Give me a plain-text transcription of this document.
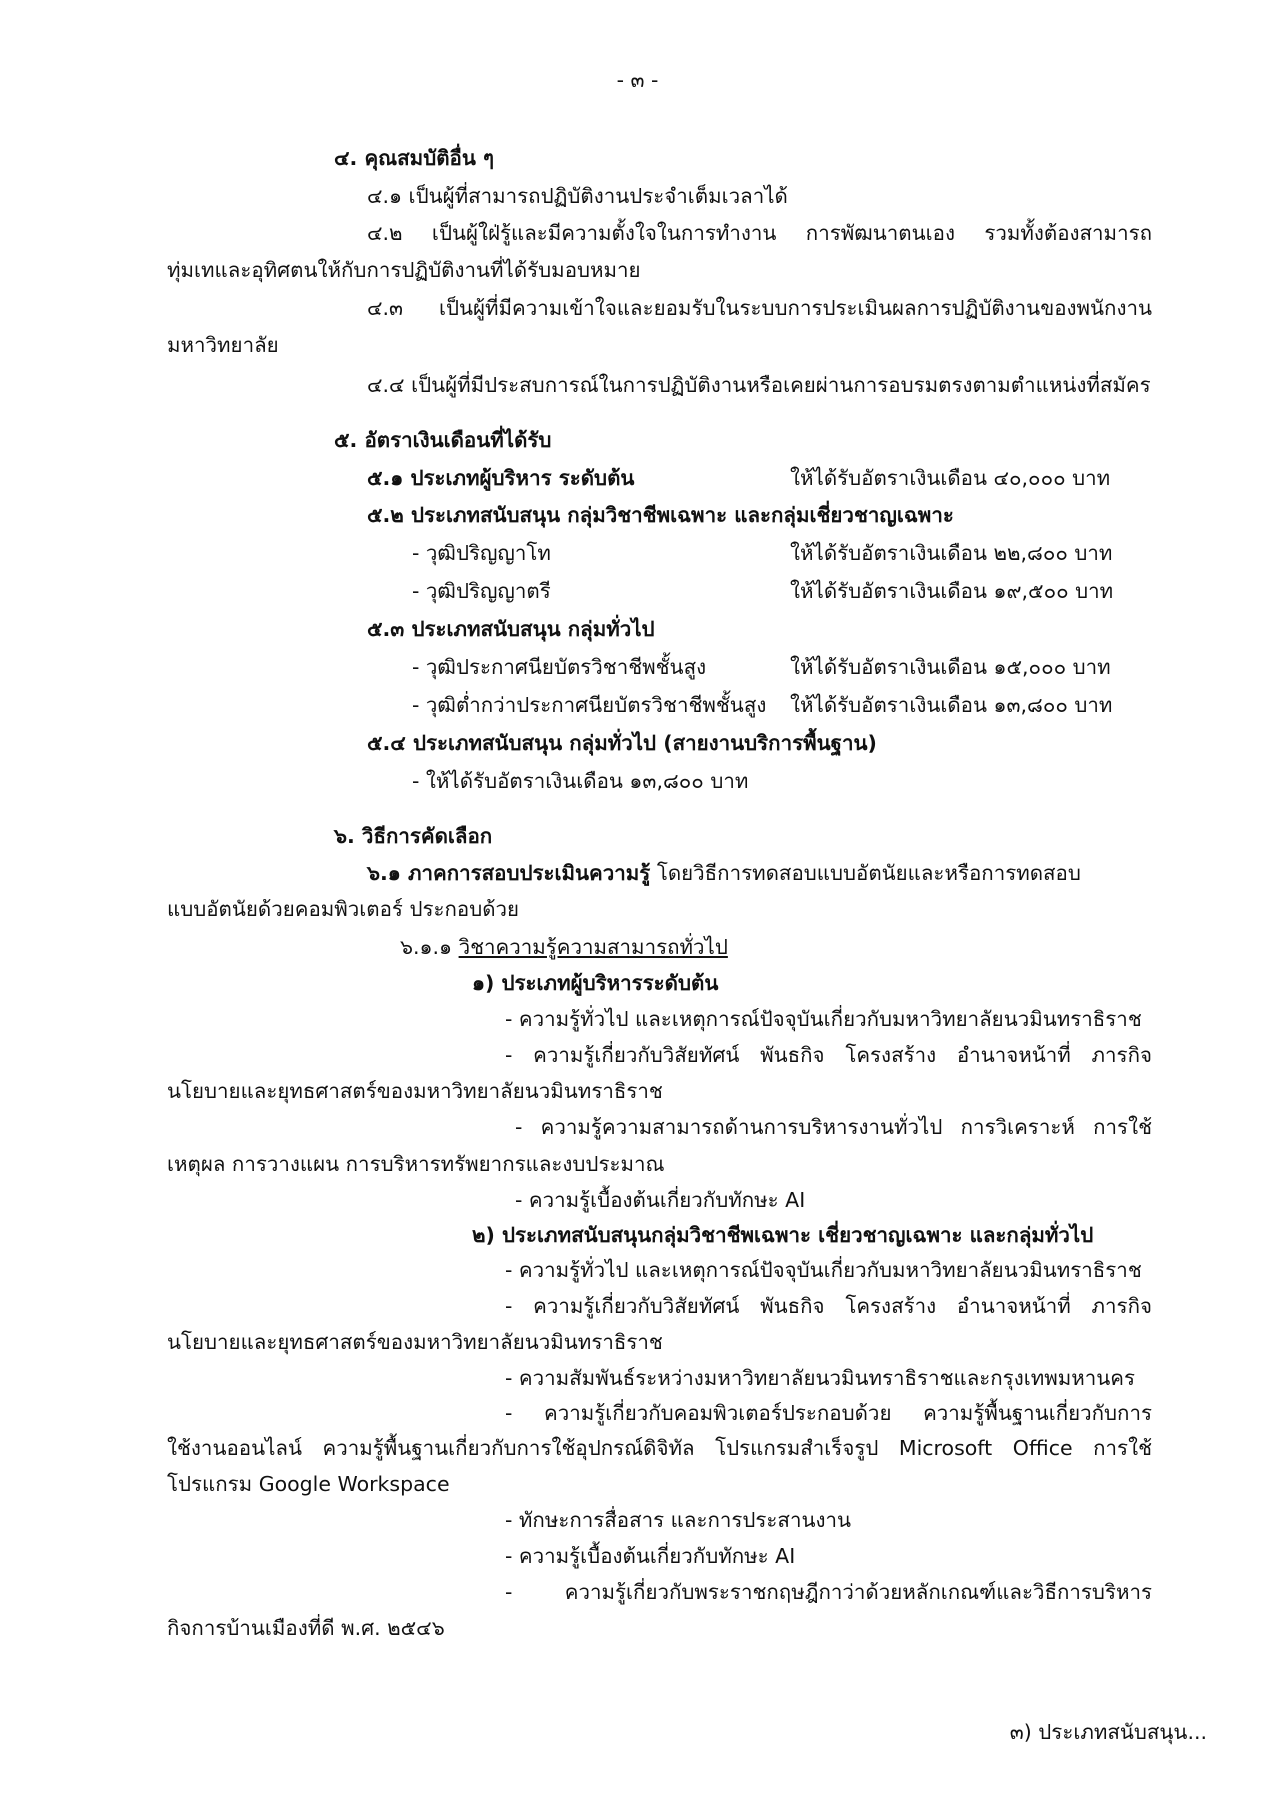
- ๓ -
๔. คุณสมบัติอื่น ๆ
๔.๑ เป็นผู้ที่สามารถปฏิบัติงานประจำเต็มเวลาได้
๔.๒ เป็นผู้ใฝ่รู้และมีความตั้งใจในการทำงาน การพัฒนาตนเอง รวมทั้งต้องสามารถ
ทุ่มเทและอุทิศตนให้กับการปฏิบัติงานที่ได้รับมอบหมาย
๔.๓ เป็นผู้ที่มีความเข้าใจและยอมรับในระบบการประเมินผลการปฏิบัติงานของพนักงาน
มหาวิทยาลัย
๔.๔ เป็นผู้ที่มีประสบการณ์ในการปฏิบัติงานหรือเคยผ่านการอบรมตรงตามตำแหน่งที่สมัคร
๕. อัตราเงินเดือนที่ได้รับ
๕.๑ ประเภทผู้บริหาร ระดับต้น	ให้ได้รับอัตราเงินเดือน ๔๐,๐๐๐ บาท
๕.๒ ประเภทสนับสนุน กลุ่มวิชาชีพเฉพาะ และกลุ่มเชี่ยวชาญเฉพาะ
- วุฒิปริญญาโท	ให้ได้รับอัตราเงินเดือน ๒๒,๘๐๐ บาท
- วุฒิปริญญาตรี	ให้ได้รับอัตราเงินเดือน ๑๙,๕๐๐ บาท
๕.๓ ประเภทสนับสนุน กลุ่มทั่วไป
- วุฒิประกาศนียบัตรวิชาชีพชั้นสูง	ให้ได้รับอัตราเงินเดือน ๑๕,๐๐๐ บาท
- วุฒิต่ำกว่าประกาศนียบัตรวิชาชีพชั้นสูง ให้ได้รับอัตราเงินเดือน ๑๓,๘๐๐ บาท
๕.๔ ประเภทสนับสนุน กลุ่มทั่วไป (สายงานบริการพื้นฐาน)
- ให้ได้รับอัตราเงินเดือน ๑๓,๘๐๐ บาท
๖. วิธีการคัดเลือก
๖.๑ ภาคการสอบประเมินความรู้ โดยวิธีการทดสอบแบบอัตนัยและหรือการทดสอบ
แบบอัตนัยด้วยคอมพิวเตอร์ ประกอบด้วย
๖.๑.๑ วิชาความรู้ความสามารถทั่วไป
๑) ประเภทผู้บริหารระดับต้น
- ความรู้ทั่วไป และเหตุการณ์ปัจจุบันเกี่ยวกับมหาวิทยาลัยนวมินทราธิราช
- ความรู้เกี่ยวกับวิสัยทัศน์ พันธกิจ โครงสร้าง อำนาจหน้าที่ ภารกิจ
นโยบายและยุทธศาสตร์ของมหาวิทยาลัยนวมินทราธิราช
- ความรู้ความสามารถด้านการบริหารงานทั่วไป การวิเคราะห์ การใช้
เหตุผล การวางแผน การบริหารทรัพยากรและงบประมาณ
- ความรู้เบื้องต้นเกี่ยวกับทักษะ AI
๒) ประเภทสนับสนุนกลุ่มวิชาชีพเฉพาะ เชี่ยวชาญเฉพาะ และกลุ่มทั่วไป
- ความรู้ทั่วไป และเหตุการณ์ปัจจุบันเกี่ยวกับมหาวิทยาลัยนวมินทราธิราช
- ความรู้เกี่ยวกับวิสัยทัศน์ พันธกิจ โครงสร้าง อำนาจหน้าที่ ภารกิจ
นโยบายและยุทธศาสตร์ของมหาวิทยาลัยนวมินทราธิราช
- ความสัมพันธ์ระหว่างมหาวิทยาลัยนวมินทราธิราชและกรุงเทพมหานคร
- ความรู้เกี่ยวกับคอมพิวเตอร์ประกอบด้วย ความรู้พื้นฐานเกี่ยวกับการ
ใช้งานออนไลน์ ความรู้พื้นฐานเกี่ยวกับการใช้อุปกรณ์ดิจิทัล โปรแกรมสำเร็จรูป Microsoft Office การใช้
โปรแกรม Google Workspace
- ทักษะการสื่อสาร และการประสานงาน
- ความรู้เบื้องต้นเกี่ยวกับทักษะ AI
- ความรู้เกี่ยวกับพระราชกฤษฎีกาว่าด้วยหลักเกณฑ์และวิธีการบริหาร
กิจการบ้านเมืองที่ดี พ.ศ. ๒๕๔๖
๓) ประเภทสนับสนุน...
